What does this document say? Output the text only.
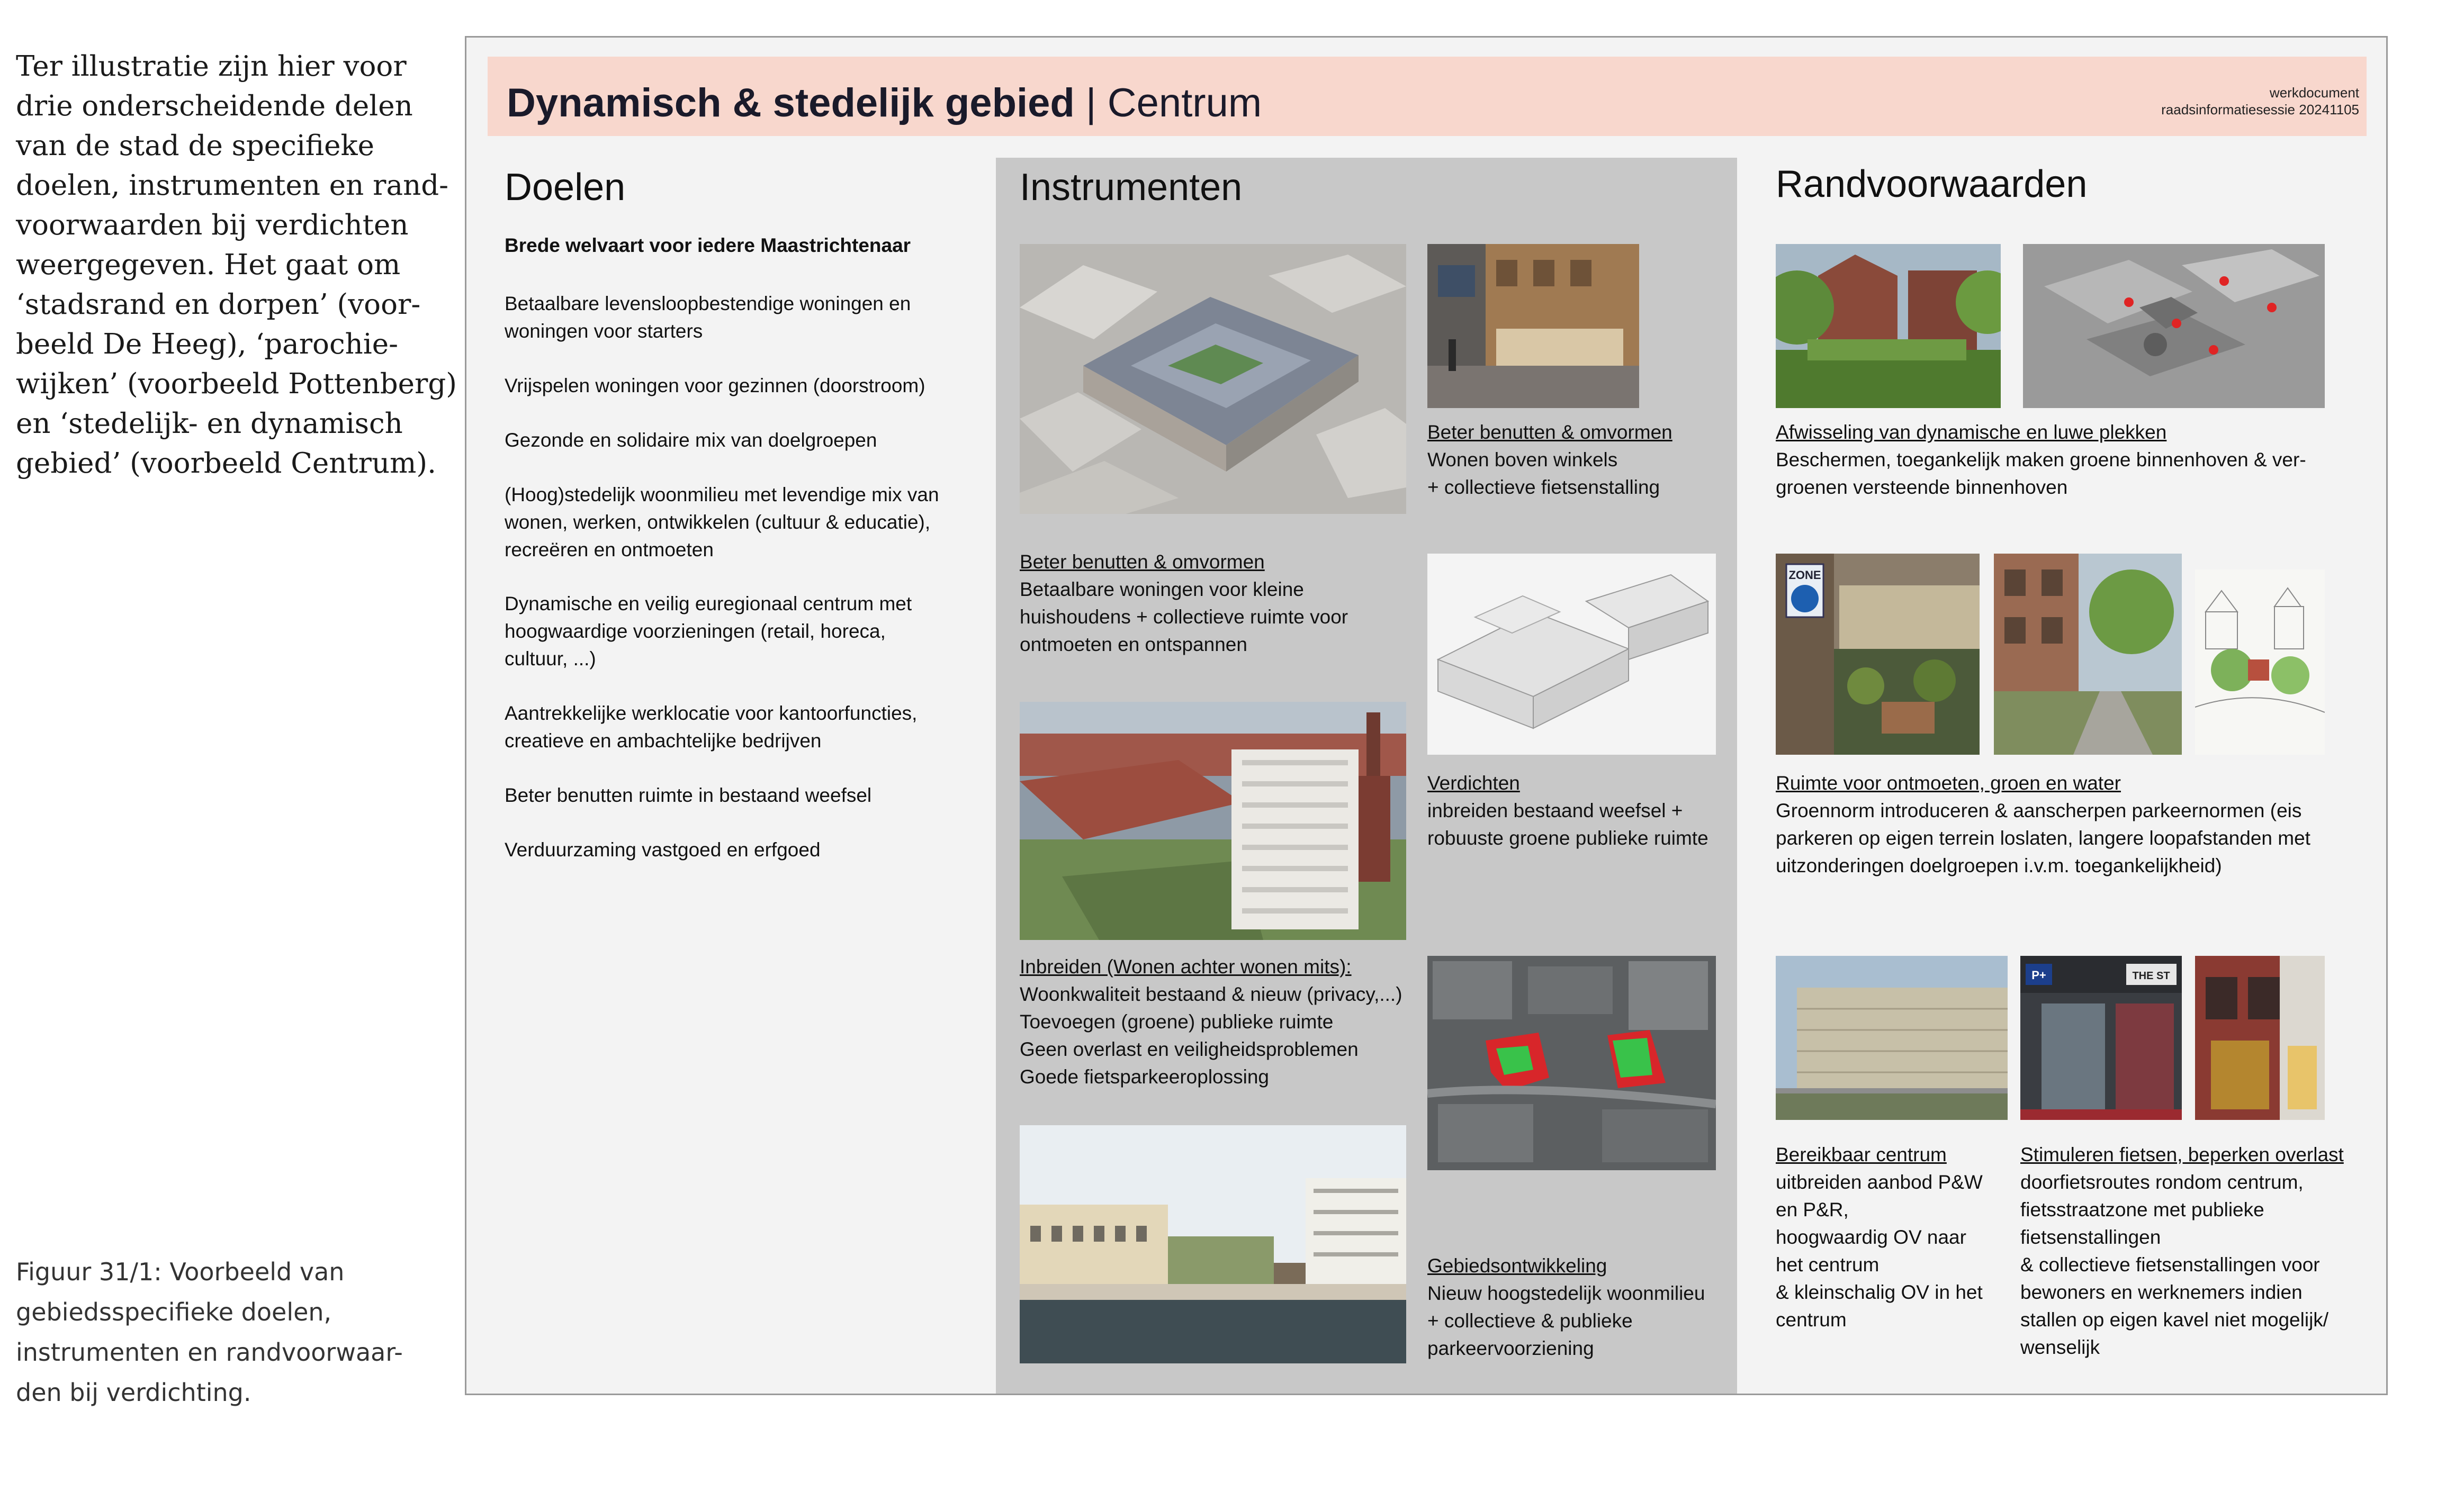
Ter illustratie zijn hier voor
drie onderscheidende delen
van de stad de specifieke
doelen, instrumenten en rand-
voorwaarden bij verdichten
weergegeven. Het gaat om
‘stadsrand en dorpen’ (voor-
beeld De Heeg), ‘parochie-
wijken’ (voorbeeld Pottenberg)
en ‘stedelijk- en dynamisch
gebied’ (voorbeeld Centrum).
Figuur 31/1: Voorbeeld van
gebiedsspecifieke doelen,
instrumenten en randvoorwaar-
den bij verdichting.
Dynamisch & stedelijk gebied | Centrum	werkdocument
raadsinformatiesessie 20241105
Doelen
Brede welvaart voor iedere Maastrichtenaar
Betaalbare levensloopbestendige woningen en
woningen voor starters
Vrijspelen woningen voor gezinnen (doorstroom)
Gezonde en solidaire mix van doelgroepen
(Hoog)stedelijk woonmilieu met levendige mix van
wonen, werken, ontwikkelen (cultuur & educatie),
recreëren en ontmoeten
Dynamische en veilig euregionaal centrum met
hoogwaardige voorzieningen (retail, horeca,
cultuur, ...)
Aantrekkelijke werklocatie voor kantoorfuncties,
creatieve en ambachtelijke bedrijven
Beter benutten ruimte in bestaand weefsel
Verduurzaming vastgoed en erfgoed
Instrumenten
Beter benutten & omvormen
Wonen boven winkels
+ collectieve fietsenstalling
Beter benutten & omvormen
Betaalbare woningen voor kleine
huishoudens + collectieve ruimte voor
ontmoeten en ontspannen
Verdichten
inbreiden bestaand weefsel +
robuuste groene publieke ruimte
Inbreiden (Wonen achter wonen mits):
Woonkwaliteit bestaand & nieuw (privacy,...)
Toevoegen (groene) publieke ruimte
Geen overlast en veiligheidsproblemen
Goede fietsparkeeroplossing
Gebiedsontwikkeling
Nieuw hoogstedelijk woonmilieu
+ collectieve & publieke
parkeervoorziening
Randvoorwaarden
Afwisseling van dynamische en luwe plekken
Beschermen, toegankelijk maken groene binnenhoven & ver-
groenen versteende binnenhoven
ZONE
Ruimte voor ontmoeten, groen en water
Groennorm introduceren & aanscherpen parkeernormen (eis
parkeren op eigen terrein loslaten, langere loopafstanden met
uitzonderingen doelgroepen i.v.m. toegankelijkheid)
P+	THE ST
Bereikbaar centrum
uitbreiden aanbod P&W
en P&R,
hoogwaardig OV naar
het centrum
& kleinschalig OV in het
centrum
Stimuleren fietsen, beperken overlast
doorfietsroutes rondom centrum,
fietsstraatzone met publieke
fietsenstallingen
& collectieve fietsenstallingen voor
bewoners en werknemers indien
stallen op eigen kavel niet mogelijk/
wenselijk
